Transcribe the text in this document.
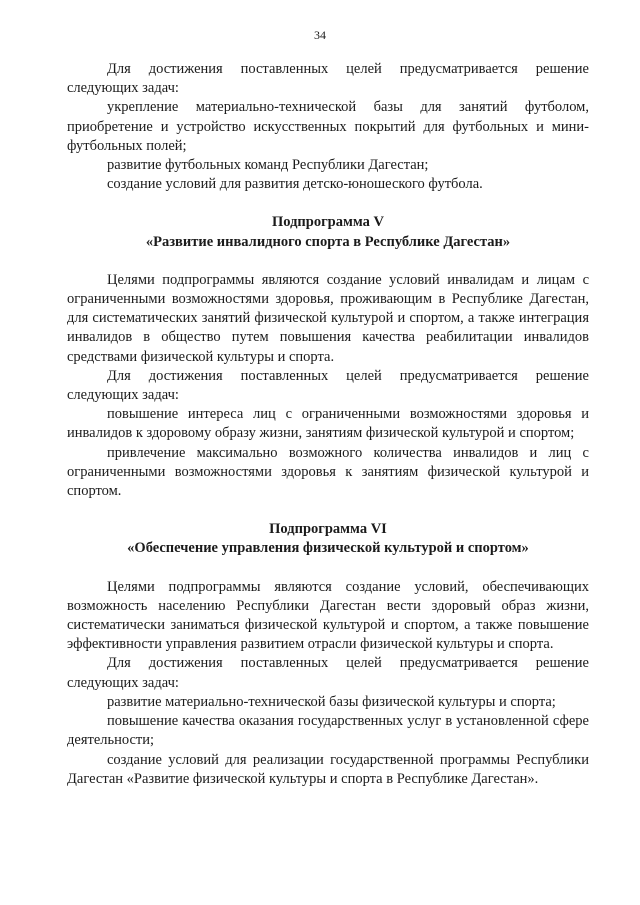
34

Для достижения поставленных целей предусматривается решение следующих задач:

укрепление материально-технической базы для занятий футболом, приобретение и устройство искусственных покрытий для футбольных и мини-футбольных полей;

развитие футбольных команд Республики Дагестан;

создание условий для развития детско-юношеского футбола.

Подпрограмма V
«Развитие инвалидного спорта в Республике Дагестан»

Целями подпрограммы являются создание условий инвалидам и лицам с ограниченными возможностями здоровья, проживающим в Республике Дагестан, для систематических занятий физической культурой и спортом, а также интеграция инвалидов в общество путем повышения качества реабилитации инвалидов средствами физической культуры и спорта.

Для достижения поставленных целей предусматривается решение следующих задач:

повышение интереса лиц с ограниченными возможностями здоровья и инвалидов к здоровому образу жизни, занятиям физической культурой и спортом;

привлечение максимально возможного количества инвалидов и лиц с ограниченными возможностями здоровья к занятиям физической культурой и спортом.

Подпрограмма VI
«Обеспечение управления физической культурой и спортом»

Целями подпрограммы являются создание условий, обеспечивающих возможность населению Республики Дагестан вести здоровый образ жизни, систематически заниматься физической культурой и спортом, а также повышение эффективности управления развитием отрасли физической культуры и спорта.

Для достижения поставленных целей предусматривается решение следующих задач:

развитие материально-технической базы физической культуры и спорта;

повышение качества оказания государственных услуг в установленной сфере деятельности;

создание условий для реализации государственной программы Республики Дагестан «Развитие физической культуры и спорта в Республике Дагестан».
